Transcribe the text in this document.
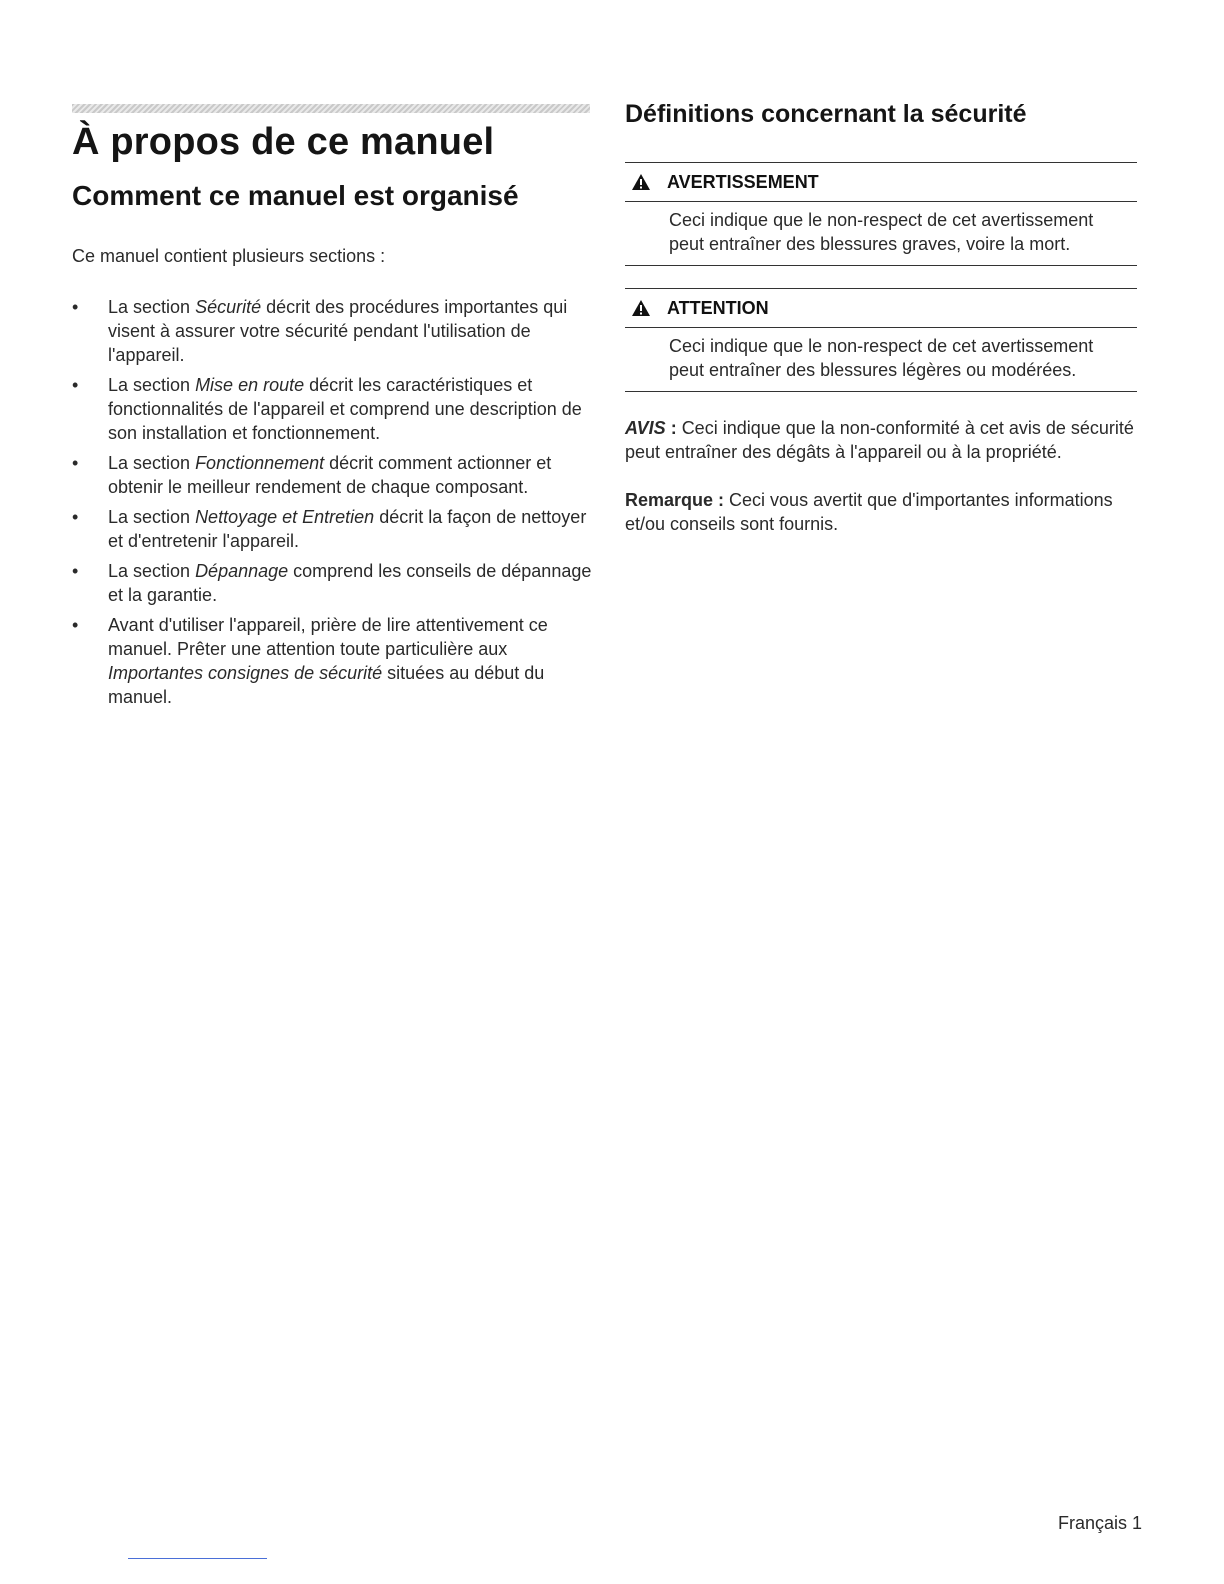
À propos de ce manuel
Comment ce manuel est organisé

Ce manuel contient plusieurs sections :

• La section Sécurité décrit des procédures importantes qui visent à assurer votre sécurité pendant l'utilisation de l'appareil.
• La section Mise en route décrit les caractéristiques et fonctionnalités de l'appareil et comprend une description de son installation et fonctionnement.
• La section Fonctionnement décrit comment actionner et obtenir le meilleur rendement de chaque composant.
• La section Nettoyage et Entretien décrit la façon de nettoyer et d'entretenir l'appareil.
• La section Dépannage comprend les conseils de dépannage et la garantie.
• Avant d'utiliser l'appareil, prière de lire attentivement ce manuel. Prêter une attention toute particulière aux Importantes consignes de sécurité situées au début du manuel.
Définitions concernant la sécurité
AVERTISSEMENT
Ceci indique que le non-respect de cet avertissement peut entraîner des blessures graves, voire la mort.
ATTENTION
Ceci indique que le non-respect de cet avertissement peut entraîner des blessures légères ou modérées.

AVIS : Ceci indique que la non-conformité à cet avis de sécurité peut entraîner des dégâts à l'appareil ou à la propriété.

Remarque : Ceci vous avertit que d'importantes informations et/ou conseils sont fournis.

Français 1
